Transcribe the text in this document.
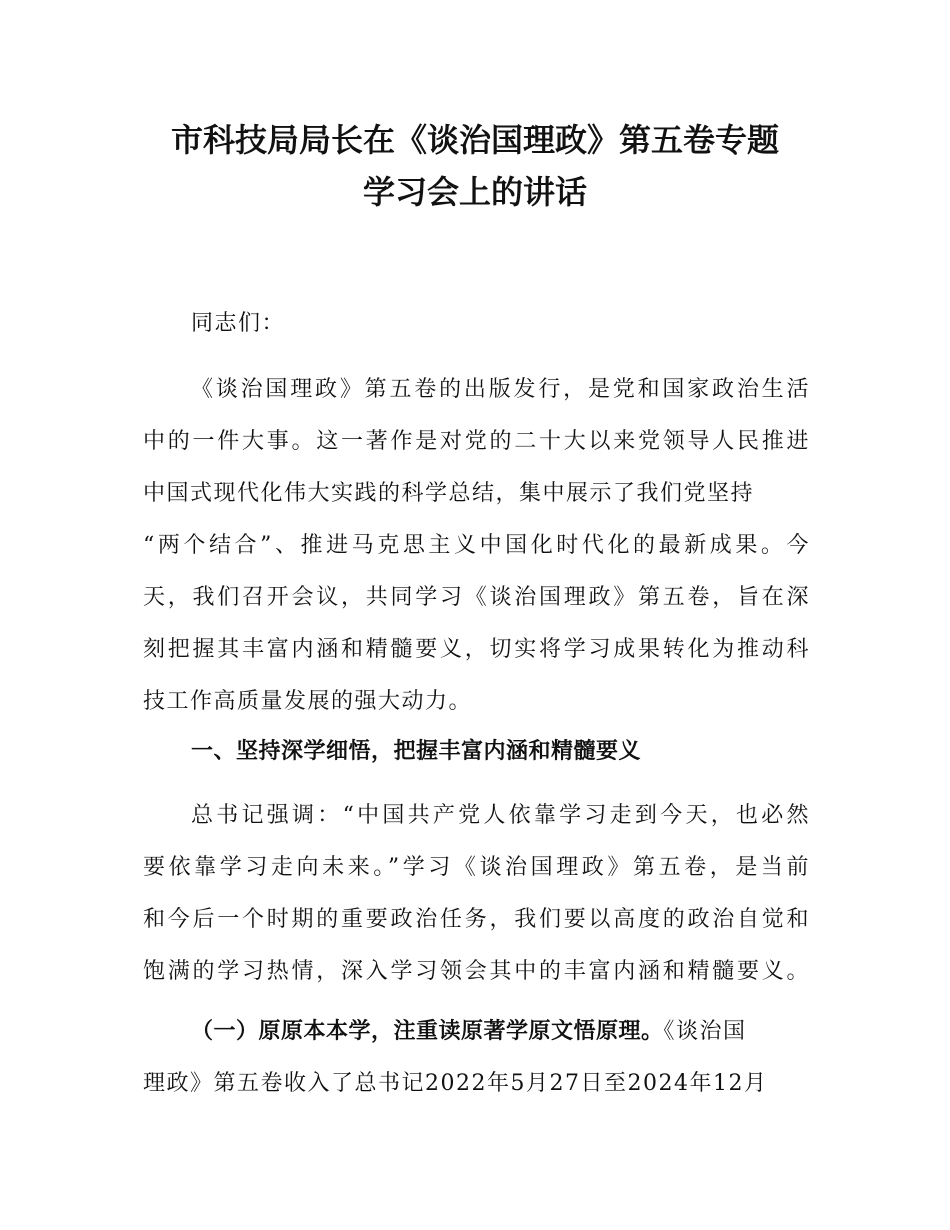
市科技局局长在《谈治国理政》第五卷专题
学习会上的讲话

同志们：

《谈治国理政》第五卷的出版发行，是党和国家政治生活
中的一件大事。这一著作是对党的二十大以来党领导人民推进
中国式现代化伟大实践的科学总结，集中展示了我们党坚持
“两个结合”、推进马克思主义中国化时代化的最新成果。今
天，我们召开会议，共同学习《谈治国理政》第五卷，旨在深
刻把握其丰富内涵和精髓要义，切实将学习成果转化为推动科
技工作高质量发展的强大动力。

一、坚持深学细悟，把握丰富内涵和精髓要义

总书记强调：“中国共产党人依靠学习走到今天，也必然
要依靠学习走向未来。”学习《谈治国理政》第五卷，是当前
和今后一个时期的重要政治任务，我们要以高度的政治自觉和
饱满的学习热情，深入学习领会其中的丰富内涵和精髓要义。

（一）原原本本学，注重读原著学原文悟原理。《谈治国
理政》第五卷收入了总书记2022年5月27日至2024年12月
